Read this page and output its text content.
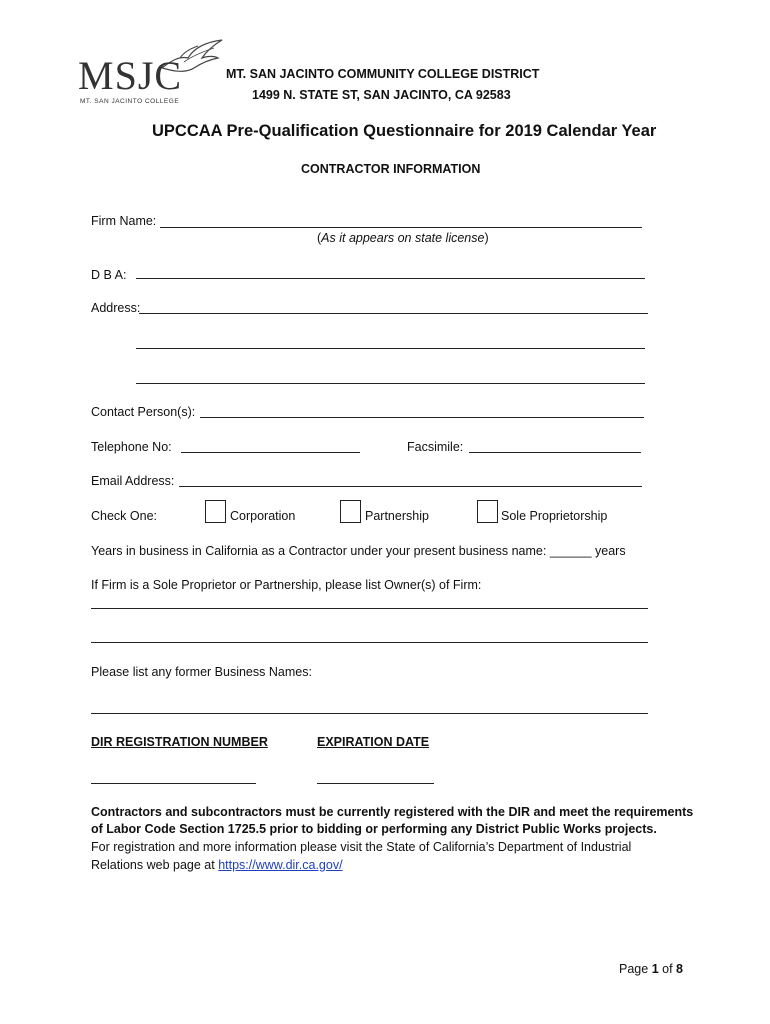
MSJC
MT. SAN JACINTO COLLEGE
MT. SAN JACINTO COMMUNITY COLLEGE DISTRICT
1499 N. STATE ST, SAN JACINTO, CA 92583
UPCCAA Pre-Qualification Questionnaire for 2019 Calendar Year
CONTRACTOR INFORMATION
Firm Name:
(As it appears on state license)
D B A:
Address:
Contact Person(s):
Telephone No:	Facsimile:
Email Address:
Check One:	Corporation	Partnership	Sole Proprietorship
Years in business in California as a Contractor under your present business name: ______ years
If Firm is a Sole Proprietor or Partnership, please list Owner(s) of Firm:
Please list any former Business Names:
DIR REGISTRATION NUMBER	EXPIRATION DATE
Contractors and subcontractors must be currently registered with the DIR and meet the requirements
of Labor Code Section 1725.5 prior to bidding or performing any District Public Works projects.
For registration and more information please visit the State of California’s Department of Industrial
Relations web page at https://www.dir.ca.gov/
Page 1 of 8
